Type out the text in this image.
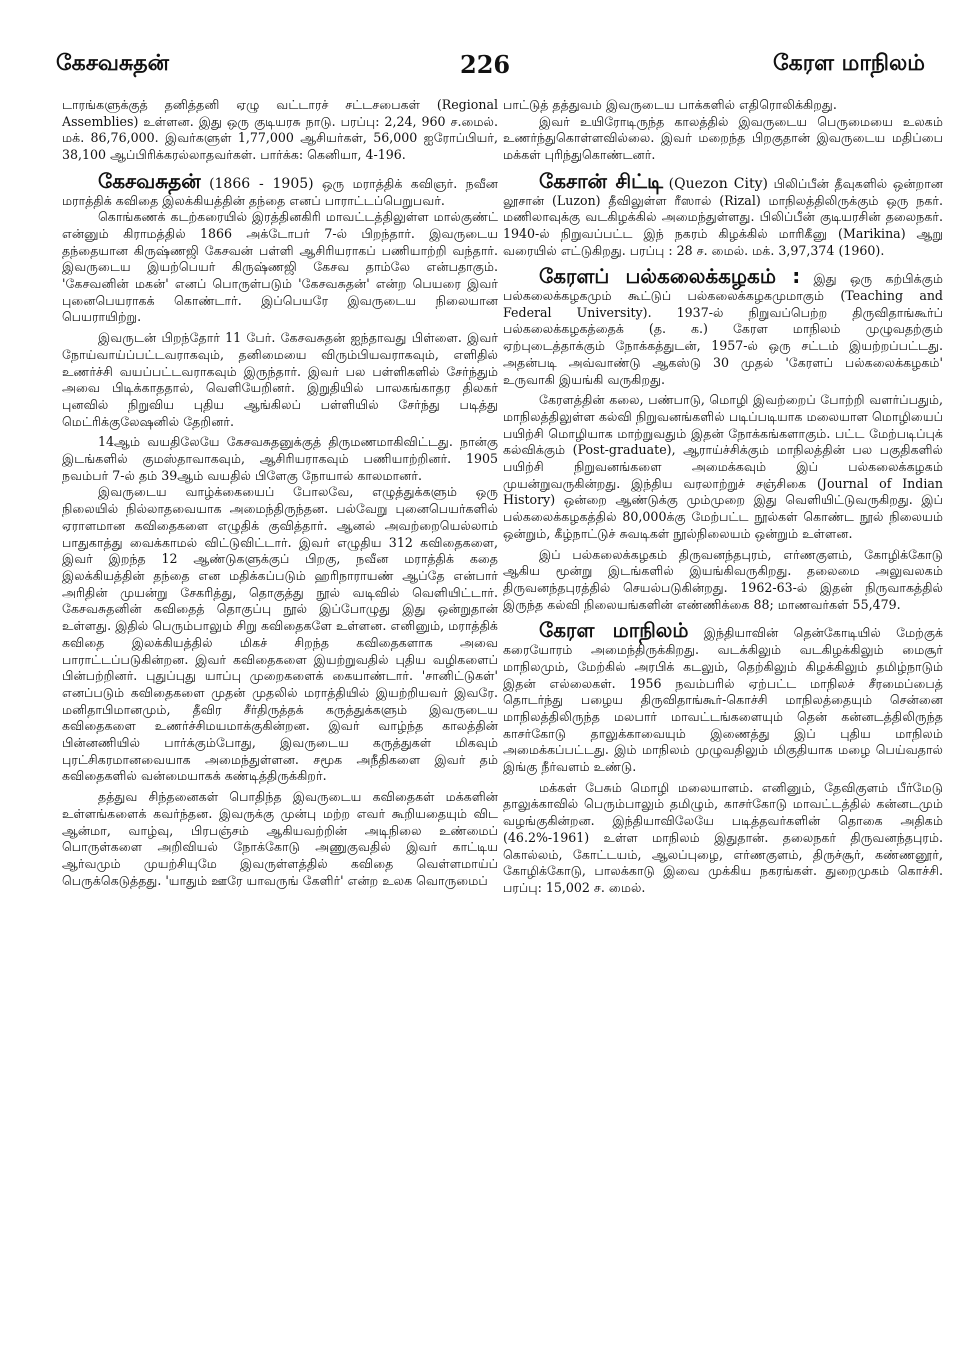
கேசவசுதன்	226	கேரள மாநிலம்

டாரங்களுக்குத் தனித்தனி ஏழு வட்டாரச் சட்டசபைகள் (Regional Assemblies) உள்ளன. இது ஒரு குடியரசு நாடு. பரப்பு: 2,24, 960 ச.மைல். மக். 86,76,000. இவர்களுள் 1,77,000 ஆசியர்கள், 56,000 ஐரோப்பியர், 38,100 ஆப்பிரிக்கரல்லாதவர்கள். பார்க்க: கெனியா, 4-196.

கேசவசுதன் (1866 - 1905) ஒரு மராத்திக் கவிஞர். நவீன மராத்திக் கவிதை இலக்கியத்தின் தந்தை எனப் பாராட்டப்பெறுபவர்.

கொங்கணக் கடற்கரையில் இரத்தினகிரி மாவட்டத்திலுள்ள மால்குண்ட் என்னும் கிராமத்தில் 1866 அக்டோபர் 7-ல் பிறந்தார். இவருடைய தந்தையான கிருஷ்ணஜி கேசவன் பள்ளி ஆசிரியராகப் பணியாற்றி வந்தார். இவருடைய இயற்பெயர் கிருஷ்ணஜி கேசவ தாம்லே என்பதாகும். 'கேசவனின் மகன்' எனப் பொருள்படும் 'கேசவசுதன்' என்ற பெயரை இவர் புனைபெயராகக் கொண்டார். இப்பெயரே இவருடைய நிலையான பெயராயிற்று.

இவருடன் பிறந்தோர் 11 பேர். கேசவசுதன் ஐந்தாவது பிள்ளை. இவர் நோய்வாய்ப்பட்டவராகவும், தனிமையை விரும்பியவராகவும், எளிதில் உணர்ச்சி வயப்பட்டவராகவும் இருந்தார். இவர் பல பள்ளிகளில் சேர்ந்தும் அவை பிடிக்காததால், வெளியேறினர். இறுதியில் பாலகங்காதர திலகர் புனவில் நிறுவிய புதிய ஆங்கிலப் பள்ளியில் சேர்ந்து படித்து மெட்ரிக்குலேஷனில் தேறினர்.

14ஆம் வயதிலேயே கேசவசுதனுக்குத் திருமணமாகிவிட்டது. நான்கு இடங்களில் குமஸ்தாவாகவும், ஆசிரியராகவும் பணியாற்றினர். 1905 நவம்பர் 7-ல் தம் 39ஆம் வயதில் பிளேகு நோயால் காலமானர்.

இவருடைய வாழ்க்கையைப் போலவே, எழுத்துக்களும் ஒரு நிலையில் நில்லாதவையாக அமைந்திருந்தன. பல்வேறு புனைபெயர்களில் ஏராளமான கவிதைகளை எழுதிக் குவித்தார். ஆனல் அவற்றையெல்லாம் பாதுகாத்து வைக்காமல் விட்டுவிட்டார். இவர் எழுதிய 312 கவிதைகளை, இவர் இறந்த 12 ஆண்டுகளுக்குப் பிறகு, நவீன மராத்திக் கதை இலக்கியத்தின் தந்தை என மதிக்கப்படும் ஹரிநாராயண் ஆப்தே என்பார் அரிதின் முயன்று சேகரித்து, தொகுத்து நூல் வடிவில் வெளியிட்டார். கேசவசுதனின் கவிதைத் தொகுப்பு நூல் இப்போழுது இது ஒன்றுதான் உள்ளது. இதில் பெரும்பாலும் சிறு கவிதைகளே உள்ளன. எனினும், மராத்திக் கவிதை இலக்கியத்தில் மிகச் சிறந்த கவிதைகளாக அவை பாராட்டப்படுகின்றன. இவர் கவிதைகளை இயற்றுவதில் புதிய வழிகளைப் பின்பற்றினர். புதுப்புது யாப்பு முறைகளைக் கையாண்டார். 'சானிட்டுகள்' எனப்படும் கவிதைகளை முதன் முதலில் மராத்தியில் இயற்றியவர் இவரே. மனிதாபிமானமும், தீவிர சீர்திருத்தக் கருத்துக்களும் இவருடைய கவிதைகளை உணர்ச்சிமயமாக்குகின்றன. இவர் வாழ்ந்த காலத்தின் பின்னணியில் பார்க்கும்போது, இவருடைய கருத்துகள் மிகவும் புரட்சிகரமானவையாக அமைந்துள்ளன. சமூக அநீதிகளை இவர் தம் கவிதைகளில் வன்மையாகக் கண்டித்திருக்கிறர்.

தத்துவ சிந்தனைகள் பொதிந்த இவருடைய கவிதைகள் மக்களின் உள்ளங்களைக் கவர்ந்தன. இவருக்கு முன்பு மற்ற எவர் கூறியதையும் விட ஆன்மா, வாழ்வு, பிரபஞ்சம் ஆகியவற்றின் அடிநிலை உண்மைப் பொருள்களை அறிவியல் நோக்கோடு அணுகுவதில் இவர் காட்டிய ஆர்வமும் முயற்சியுமே இவருள்ளத்தில் கவிதை வெள்ளமாய்ப் பெருக்கெடுத்தது. 'யாதும் ஊரே யாவருங் கேளிர்' என்ற உலக வொருமைப்

பாட்டுத் தத்துவம் இவருடைய பாக்களில் எதிரொலிக்கிறது.

இவர் உயிரோடிருந்த காலத்தில் இவருடைய பெருமையை உலகம் உணர்ந்துகொள்ளவில்லை. இவர் மறைந்த பிறகுதான் இவருடைய மதிப்பை மக்கள் புரிந்துகொண்டனர்.

கேசான் சிட்டி (Quezon City) பிலிப்பீன் தீவுகளில் ஒன்றான லூசான் (Luzon) தீவிலுள்ள ரீஸால் (Rizal) மாநிலத்திலிருக்கும் ஒரு நகர். மணிலாவுக்கு வடகிழக்கில் அமைந்துள்ளது. பிலிப்பீன் குடியரசின் தலைநகர். 1940-ல் நிறுவப்பட்ட இந் நகரம் கிழக்கில் மாரிகீனு (Marikina) ஆறு வரையில் எட்டுகிறது. பரப்பு : 28 ச. மைல். மக். 3,97,374 (1960).

கேரளப் பல்கலைக்கழகம் : இது ஒரு கற்பிக்கும் பல்கலைக்கழகமும் கூட்டுப் பல்கலைக்கழகமுமாகும் (Teaching and Federal University). 1937-ல் நிறுவப்பெற்ற திருவிதாங்கூர்ப் பல்கலைக்கழகத்தைக் (த. க.) கேரள மாநிலம் முழுவதற்கும் ஏற்புடைத்தாக்கும் நோக்கத்துடன், 1957-ல் ஒரு சட்டம் இயற்றப்பட்டது. அதன்படி அவ்வாண்டு ஆகஸ்டு 30 முதல் 'கேரளப் பல்கலைக்கழகம்' உருவாகி இயங்கி வருகிறது.

கேரளத்தின் கலை, பண்பாடு, மொழி இவற்றைப் போற்றி வளர்ப்பதும், மாநிலத்திலுள்ள கல்வி நிறுவனங்களில் படிப்படியாக மலையாள மொழியைப் பயிற்சி மொழியாக மாற்றுவதும் இதன் நோக்கங்களாகும். பட்ட மேற்படிப்புக் கல்விக்கும் (Post-graduate), ஆராய்ச்சிக்கும் மாநிலத்தின் பல பகுதிகளில் பயிற்சி நிறுவனங்களை அமைக்கவும் இப் பல்கலைக்கழகம் முயன்றுவருகின்றது. இந்திய வரலாற்றுச் சஞ்சிகை (Journal of Indian History) ஒன்றை ஆண்டுக்கு மும்முறை இது வெளியிட்டுவருகிறது. இப் பல்கலைக்கழகத்தில் 80,000க்கு மேற்பட்ட நூல்கள் கொண்ட நூல் நிலையம் ஒன்றும், கீழ்நாட்டுச் சுவடிகள் நூல்நிலையம் ஒன்றும் உள்ளன.

இப் பல்கலைக்கழகம் திருவனந்தபுரம், எர்ணகுளம், கோழிக்கோடு ஆகிய மூன்று இடங்களில் இயங்கிவருகிறது. தலைமை அலுவலகம் திருவனந்தபுரத்தில் செயல்படுகின்றது. 1962-63-ல் இதன் நிருவாகத்தில் இருந்த கல்வி நிலையங்களின் எண்ணிக்கை 88; மாணவர்கள் 55,479.

கேரள மாநிலம் இந்தியாவின் தென்கோடியில் மேற்குக் கரையோரம் அமைந்திருக்கிறது. வடக்கிலும் வடகிழக்கிலும் மைசூர் மாநிலமும், மேற்கில் அரபிக் கடலும், தெற்கிலும் கிழக்கிலும் தமிழ்நாடும் இதன் எல்லைகள். 1956 நவம்பரில் ஏற்பட்ட மாநிலச் சீரமைப்பைத் தொடர்ந்து பழைய திருவிதாங்கூர்-கொச்சி மாநிலத்தையும் சென்னை மாநிலத்திலிருந்த மலபார் மாவட்டங்களையும் தென் கன்னடத்திலிருந்த காசர்கோடு தாலுக்காவையும் இணைத்து இப் புதிய மாநிலம் அமைக்கப்பட்டது. இம் மாநிலம் முழுவதிலும் மிகுதியாக மழை பெய்வதால் இங்கு நீர்வளம் உண்டு.

மக்கள் பேசும் மொழி மலையாளம். எனினும், தேவிகுளம் பீர்மேடு தாலுக்காவில் பெரும்பாலும் தமிழும், காசர்கோடு மாவட்டத்தில் கன்னடமும் வழங்குகின்றன. இந்தியாவிலேயே படித்தவர்களின் தொகை அதிகம் (46.2%-1961) உள்ள மாநிலம் இதுதான். தலைநகர் திருவனந்தபுரம். கொல்லம், கோட்டயம், ஆலப்புழை, எர்ணகுளம், திருச்சூர், கண்ணனூர், கோழிக்கோடு, பாலக்காடு இவை முக்கிய நகரங்கள். துறைமுகம் கொச்சி. பரப்பு: 15,002 ச. மைல்.
